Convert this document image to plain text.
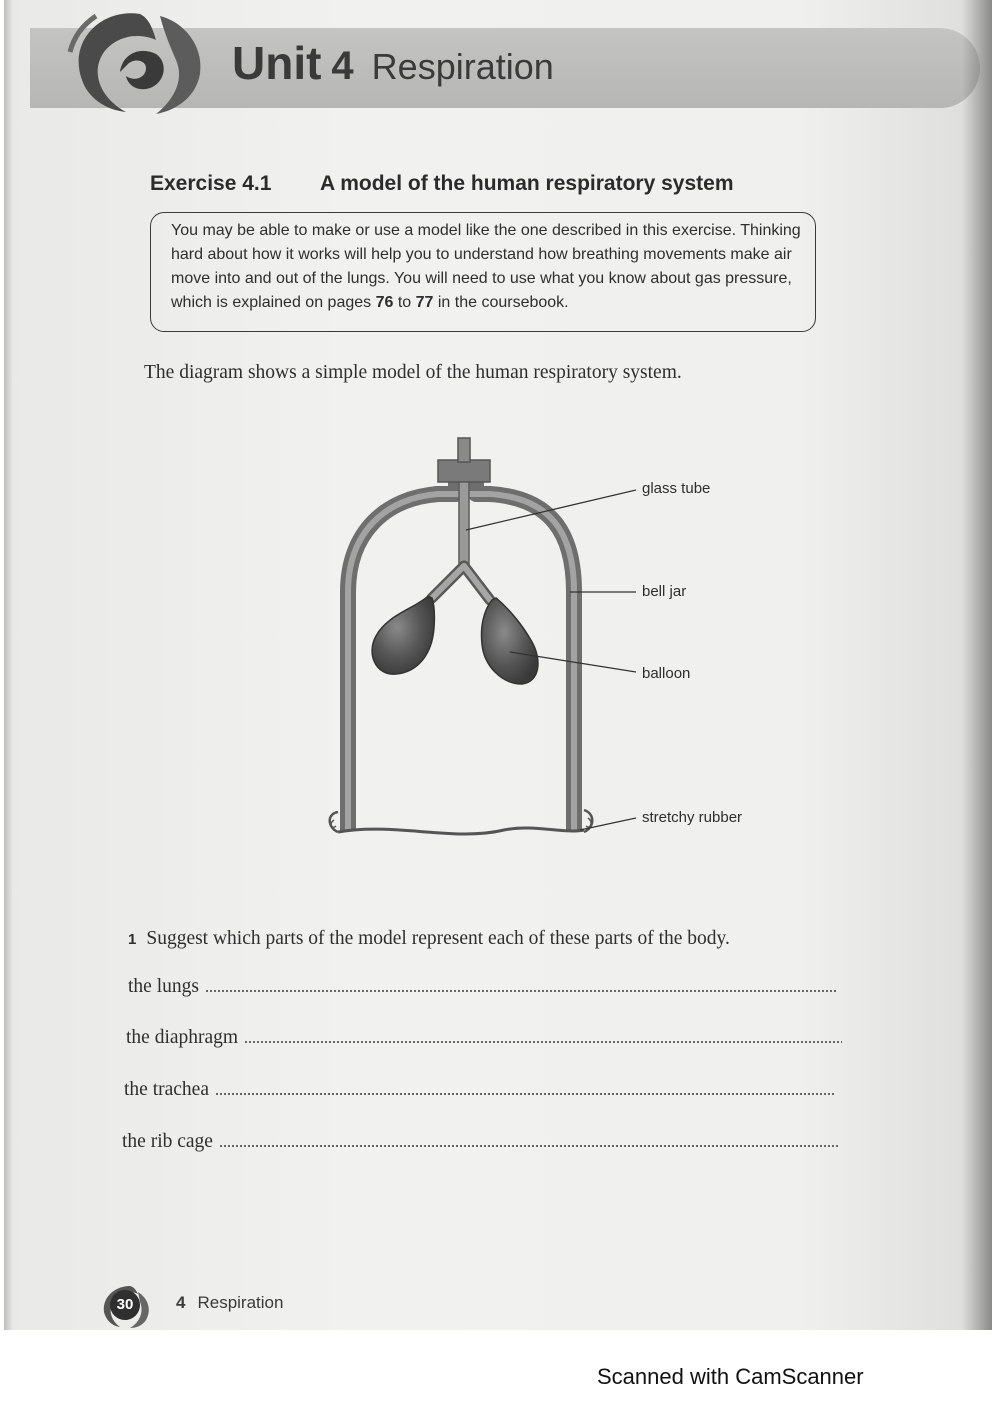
Unit 4 Respiration
Exercise 4.1 A model of the human respiratory system
You may be able to make or use a model like the one described in this exercise. Thinking hard about how it works will help you to understand how breathing movements make air move into and out of the lungs. You will need to use what you know about gas pressure, which is explained on pages 76 to 77 in the coursebook.
The diagram shows a simple model of the human respiratory system.
glass tube
bell jar
balloon
stretchy rubber
1 Suggest which parts of the model represent each of these parts of the body.
the lungs
the diaphragm
the trachea
the rib cage
30	4 Respiration
Scanned with CamScanner
